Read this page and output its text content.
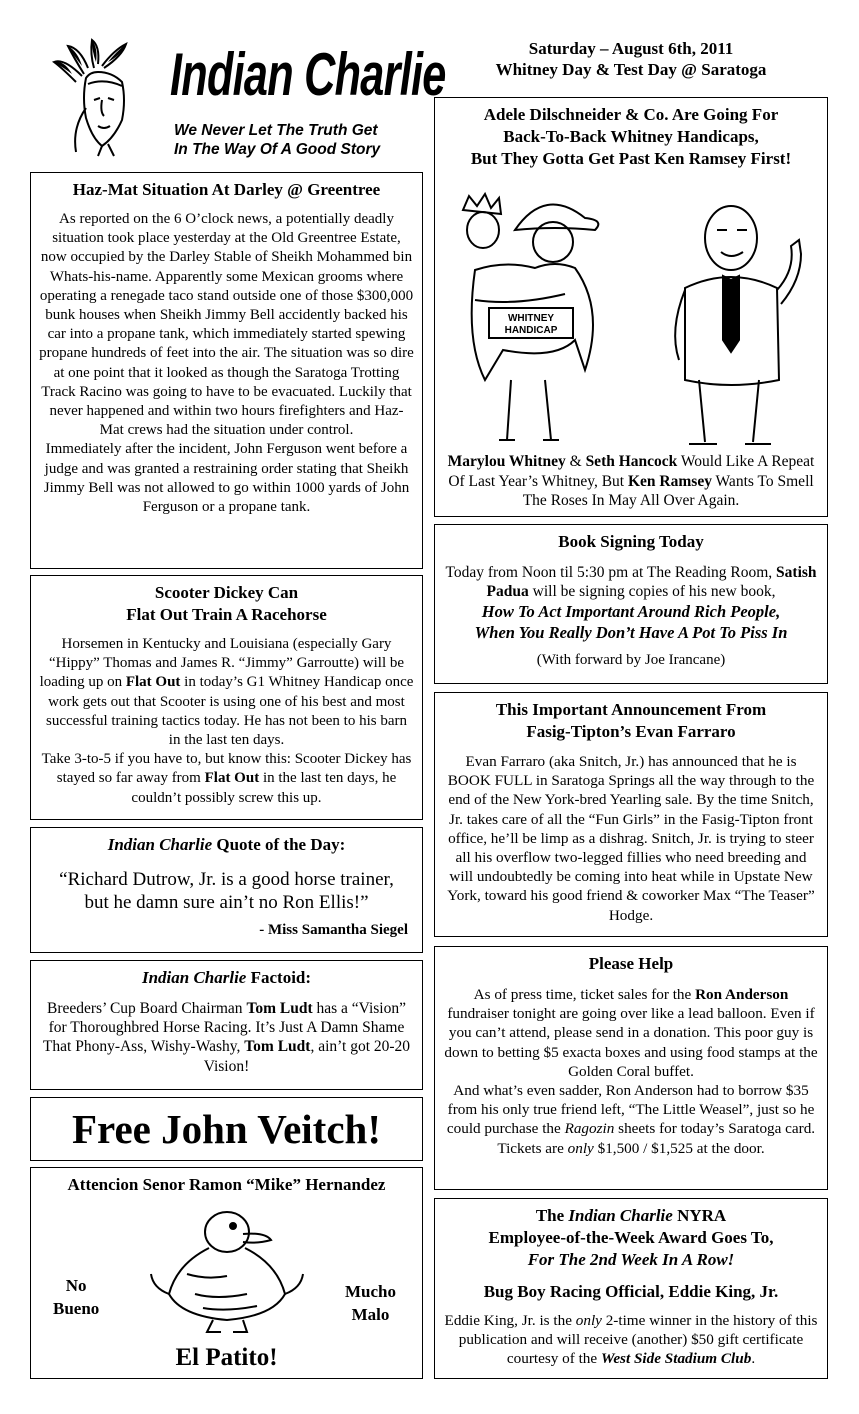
Indian Charlie
We Never Let The Truth Get
In The Way Of A Good Story
Saturday – August 6th, 2011
Whitney Day & Test Day @ Saratoga
Haz-Mat Situation At Darley @ Greentree
As reported on the 6 O’clock news, a potentially deadly situation took place yesterday at the Old Greentree Estate, now occupied by the Darley Stable of Sheikh Mohammed bin Whats-his-name. Apparently some Mexican grooms where operating a renegade taco stand outside one of those $300,000 bunk houses when Sheikh Jimmy Bell accidently backed his car into a propane tank, which immediately started spewing propane hundreds of feet into the air. The situation was so dire at one point that it looked as though the Saratoga Trotting Track Racino was going to have to be evacuated. Luckily that never happened and within two hours firefighters and Haz-Mat crews had the situation under control.
Immediately after the incident, John Ferguson went before a judge and was granted a restraining order stating that Sheikh Jimmy Bell was not allowed to go within 1000 yards of John Ferguson or a propane tank.
Scooter Dickey Can
Flat Out Train A Racehorse
Horsemen in Kentucky and Louisiana (especially Gary “Hippy” Thomas and James R. “Jimmy” Garroutte) will be loading up on Flat Out in today’s G1 Whitney Handicap once work gets out that Scooter is using one of his best and most successful training tactics today. He has not been to his barn in the last ten days.
Take 3-to-5 if you have to, but know this: Scooter Dickey has stayed so far away from Flat Out in the last ten days, he couldn’t possibly screw this up.
Indian Charlie Quote of the Day:
“Richard Dutrow, Jr. is a good horse trainer,
but he damn sure ain’t no Ron Ellis!”
- Miss Samantha Siegel
Indian Charlie Factoid:
Breeders’ Cup Board Chairman Tom Ludt has a “Vision” for Thoroughbred Horse Racing. It’s Just A Damn Shame That Phony-Ass, Wishy-Washy, Tom Ludt, ain’t got 20-20 Vision!
Free John Veitch!
Attencion Senor Ramon “Mike” Hernandez
No
Bueno
Mucho
Malo
El Patito!
Adele Dilschneider & Co. Are Going For
Back-To-Back Whitney Handicaps,
But They Gotta Get Past Ken Ramsey First!
WHITNEY
HANDICAP
Marylou Whitney & Seth Hancock Would Like A Repeat Of Last Year’s Whitney, But Ken Ramsey Wants To Smell The Roses In May All Over Again.
Book Signing Today
Today from Noon til 5:30 pm at The Reading Room, Satish Padua will be signing copies of his new book,
How To Act Important Around Rich People,
When You Really Don’t Have A Pot To Piss In
(With forward by Joe Irancane)
This Important Announcement From
Fasig-Tipton’s Evan Farraro
Evan Farraro (aka Snitch, Jr.) has announced that he is BOOK FULL in Saratoga Springs all the way through to the end of the New York-bred Yearling sale. By the time Snitch, Jr. takes care of all the “Fun Girls” in the Fasig-Tipton front office, he’ll be limp as a dishrag. Snitch, Jr. is trying to steer all his overflow two-legged fillies who need breeding and will undoubtedly be coming into heat while in Upstate New York, toward his good friend & coworker Max “The Teaser” Hodge.
Please Help
As of press time, ticket sales for the Ron Anderson fundraiser tonight are going over like a lead balloon. Even if you can’t attend, please send in a donation. This poor guy is down to betting $5 exacta boxes and using food stamps at the Golden Coral buffet.
And what’s even sadder, Ron Anderson had to borrow $35 from his only true friend left, “The Little Weasel”, just so he could purchase the Ragozin sheets for today’s Saratoga card.
Tickets are only $1,500 / $1,525 at the door.
The Indian Charlie NYRA
Employee-of-the-Week Award Goes To,
For The 2nd Week In A Row!
Bug Boy Racing Official, Eddie King, Jr.
Eddie King, Jr. is the only 2-time winner in the history of this publication and will receive (another) $50 gift certificate courtesy of the West Side Stadium Club.
